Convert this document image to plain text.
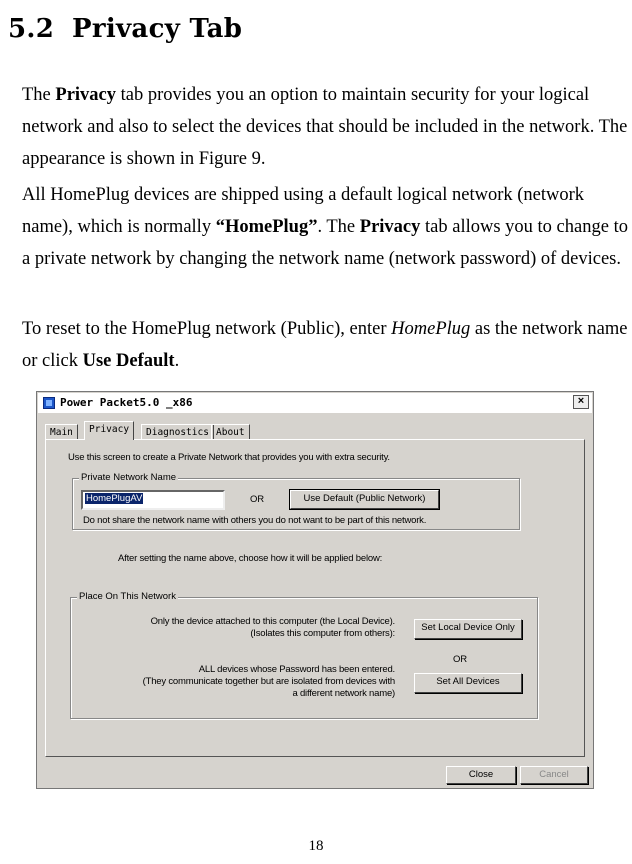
5.2 Privacy Tab
The Privacy tab provides you an option to maintain security for your logical network and also to select the devices that should be included in the network. The appearance is shown in Figure 9.
All HomePlug devices are shipped using a default logical network (network name), which is normally “HomePlug”. The Privacy tab allows you to change to a private network by changing the network name (network password) of devices.
To reset to the HomePlug network (Public), enter HomePlug as the network name or click Use Default.
Power Packet5.0 _x86	×
Main	Privacy	Diagnostics About
Use this screen to create a Private Network that provides you with extra security.
Private Network Name
HomePlugAV	OR	Use Default (Public Network)
Do not share the network name with others you do not want to be part of this network.
After setting the name above, choose how it will be applied below:
Place On This Network
Only the device attached to this computer (the Local Device).
(Isolates this computer from others):
Set Local Device Only
OR
ALL devices whose Password has been entered.
(They communicate together but are isolated from devices with
a different network name)
Set All Devices
Close	Cancel
18
